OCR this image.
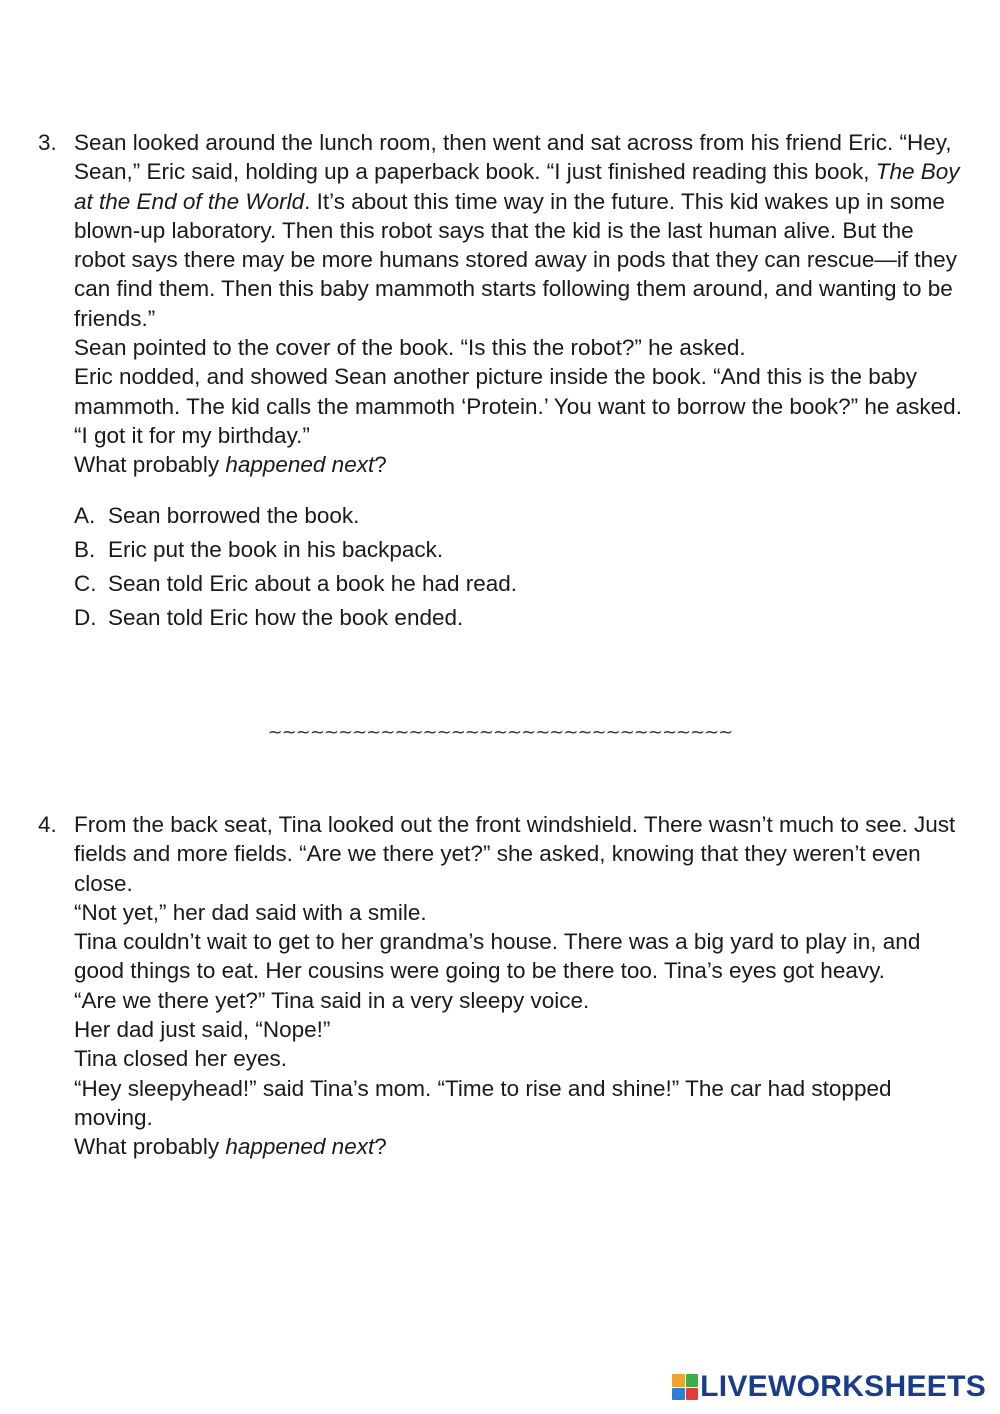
3. Sean looked around the lunch room, then went and sat across from his friend Eric. “Hey, Sean,” Eric said, holding up a paperback book. “I just finished reading this book, The Boy at the End of the World. It’s about this time way in the future. This kid wakes up in some blown-up laboratory. Then this robot says that the kid is the last human alive. But the robot says there may be more humans stored away in pods that they can rescue—if they can find them. Then this baby mammoth starts following them around, and wanting to be friends.”

Sean pointed to the cover of the book. “Is this the robot?” he asked.

Eric nodded, and showed Sean another picture inside the book. “And this is the baby mammoth. The kid calls the mammoth ‘Protein.’ You want to borrow the book?” he asked. “I got it for my birthday.”

What probably happened next?

A. Sean borrowed the book.
B. Eric put the book in his backpack.
C. Sean told Eric about a book he had read.
D. Sean told Eric how the book ended.
~~~~~~~~~~~~~~~~~~~~~~~~~~~~~~~~~
4. From the back seat, Tina looked out the front windshield. There wasn’t much to see. Just fields and more fields. “Are we there yet?” she asked, knowing that they weren’t even close.

“Not yet,” her dad said with a smile.

Tina couldn’t wait to get to her grandma’s house. There was a big yard to play in, and good things to eat. Her cousins were going to be there too. Tina’s eyes got heavy.

“Are we there yet?” Tina said in a very sleepy voice.

Her dad just said, “Nope!”

Tina closed her eyes.

“Hey sleepyhead!” said Tina’s mom. “Time to rise and shine!” The car had stopped moving.

What probably happened next?

LIVEWORKSHEETS
